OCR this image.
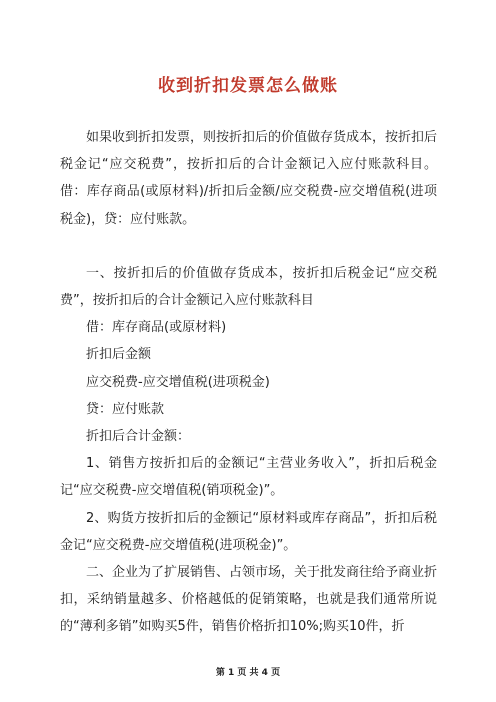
收到折扣发票怎么做账

如果收到折扣发票，则按折扣后的价值做存货成本，按折扣后税金记“应交税费”，按折扣后的合计金额记入应付账款科目。借：库存商品(或原材料)/折扣后金额/应交税费-应交增值税(进项税金)，贷：应付账款。

一、按折扣后的价值做存货成本，按折扣后税金记“应交税费”，按折扣后的合计金额记入应付账款科目

借：库存商品(或原材料)

折扣后金额

应交税费-应交增值税(进项税金)

贷：应付账款

折扣后合计金额：

1、销售方按折扣后的金额记“主营业务收入”，折扣后税金记“应交税费-应交增值税(销项税金)”。

2、购货方按折扣后的金额记“原材料或库存商品”，折扣后税金记“应交税费-应交增值税(进项税金)”。

二、企业为了扩展销售、占领市场，关于批发商往给予商业折扣，采纳销量越多、价格越低的促销策略，也就是我们通常所说的“薄利多销”如购买5件，销售价格折扣10%;购买10件，折

第 1 页 共 4 页
